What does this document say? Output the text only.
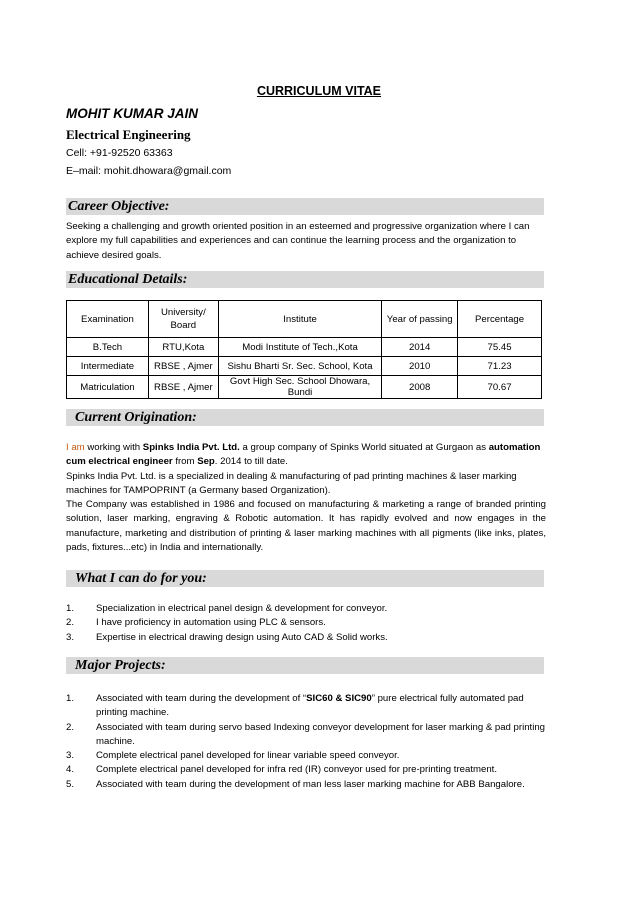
CURRICULUM VITAE
MOHIT KUMAR JAIN
Electrical Engineering
Cell: +91-92520 63363
E–mail: mohit.dhowara@gmail.com
Career Objective:

Seeking a challenging and growth oriented position in an esteemed and progressive organization where I can explore my full capabilities and experiences and can continue the learning process and the organization to achieve desired goals.

Educational Details:
Examination	University/ Board	Institute	Year of passing	Percentage
B.Tech	RTU,Kota	Modi Institute of Tech.,Kota	2014	75.45
Intermediate	RBSE , Ajmer	Sishu Bharti Sr. Sec. School, Kota	2010	71.23
Matriculation	RBSE , Ajmer	Govt High Sec. School Dhowara, Bundi	2008	70.67
Current Origination:

I am working with Spinks India Pvt. Ltd. a group company of Spinks World situated at Gurgaon as automation cum electrical engineer from Sep. 2014 to till date.

Spinks India Pvt. Ltd. is a specialized in dealing & manufacturing of pad printing machines & laser marking machines for TAMPOPRINT (a Germany based Organization).

The Company was established in 1986 and focused on manufacturing & marketing a range of branded printing solution, laser marking, engraving & Robotic automation. It has rapidly evolved and now engages in the manufacture, marketing and distribution of printing & laser marking machines with all pigments (like inks, plates, pads, fixtures...etc) in India and internationally.

What I can do for you:
1. Specialization in electrical panel design & development for conveyor.
2. I have proficiency in automation using PLC & sensors.
3. Expertise in electrical drawing design using Auto CAD & Solid works.
Major Projects:
1. Associated with team during the development of “SIC60 & SIC90” pure electrical fully automated pad printing machine.
2. Associated with team during servo based Indexing conveyor development for laser marking & pad printing machine.
3. Complete electrical panel developed for linear variable speed conveyor.
4. Complete electrical panel developed for infra red (IR) conveyor used for pre-printing treatment.
5. Associated with team during the development of man less laser marking machine for ABB Bangalore.
